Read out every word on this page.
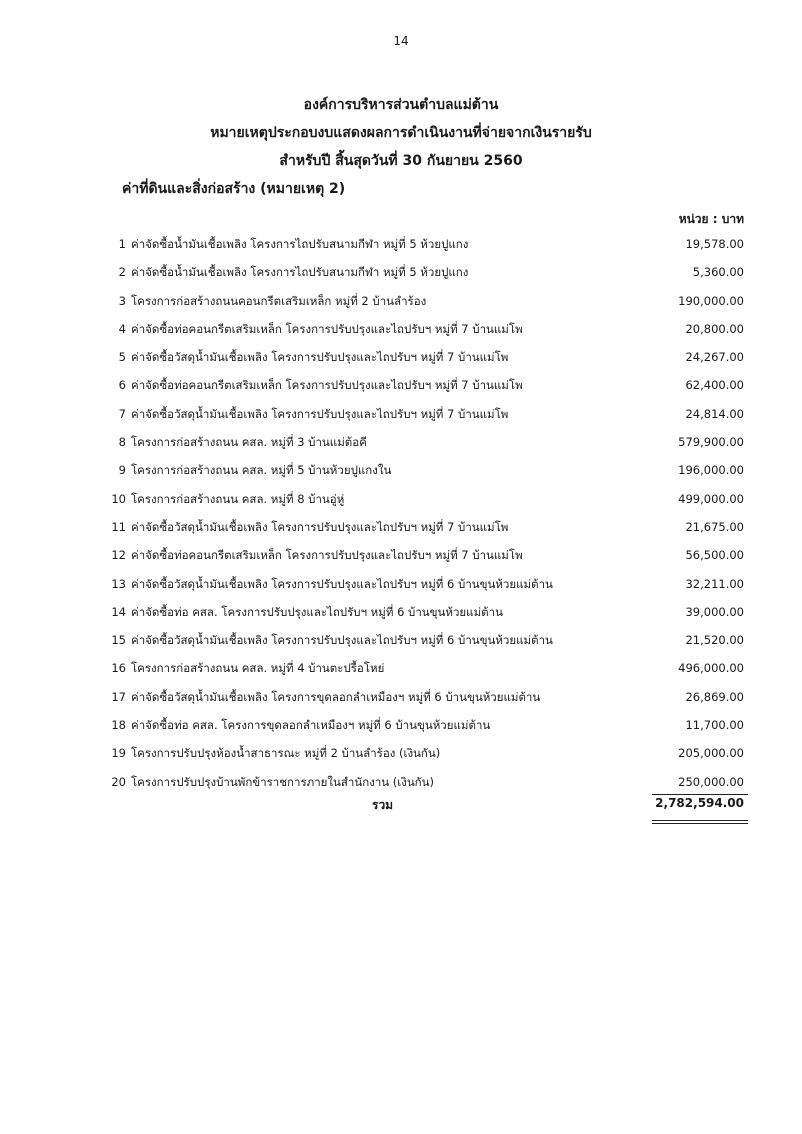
14
องค์การบริหารส่วนตำบลแม่ต้าน
หมายเหตุประกอบงบแสดงผลการดำเนินงานที่จ่ายจากเงินรายรับ
สำหรับปี สิ้นสุดวันที่ 30 กันยายน 2560
ค่าที่ดินและสิ่งก่อสร้าง (หมายเหตุ 2)
หน่วย : บาท
1 ค่าจัดซื้อน้ำมันเชื้อเพลิง โครงการไถปรับสนามกีฬา หมู่ที่ 5 ห้วยปูแกง	19,578.00
2 ค่าจัดซื้อน้ำมันเชื้อเพลิง โครงการไถปรับสนามกีฬา หมู่ที่ 5 ห้วยปูแกง	5,360.00
3 โครงการก่อสร้างถนนคอนกรีตเสริมเหล็ก หมู่ที่ 2 บ้านลำร้อง	190,000.00
4 ค่าจัดซื้อท่อคอนกรีตเสริมเหล็ก โครงการปรับปรุงและไถปรับฯ หมู่ที่ 7 บ้านแม่โพ	20,800.00
5 ค่าจัดซื้อวัสดุน้ำมันเชื้อเพลิง โครงการปรับปรุงและไถปรับฯ หมู่ที่ 7 บ้านแม่โพ	24,267.00
6 ค่าจัดซื้อท่อคอนกรีตเสริมเหล็ก โครงการปรับปรุงและไถปรับฯ หมู่ที่ 7 บ้านแม่โพ	62,400.00
7 ค่าจัดซื้อวัสดุน้ำมันเชื้อเพลิง โครงการปรับปรุงและไถปรับฯ หมู่ที่ 7 บ้านแม่โพ	24,814.00
8 โครงการก่อสร้างถนน คสล. หมู่ที่ 3 บ้านแม่ต้อคี	579,900.00
9 โครงการก่อสร้างถนน คสล. หมู่ที่ 5 บ้านห้วยปูแกงใน	196,000.00
10 โครงการก่อสร้างถนน คสล. หมู่ที่ 8 บ้านอู่หู่	499,000.00
11 ค่าจัดซื้อวัสดุน้ำมันเชื้อเพลิง โครงการปรับปรุงและไถปรับฯ หมู่ที่ 7 บ้านแม่โพ	21,675.00
12 ค่าจัดซื้อท่อคอนกรีตเสริมเหล็ก โครงการปรับปรุงและไถปรับฯ หมู่ที่ 7 บ้านแม่โพ	56,500.00
13 ค่าจัดซื้อวัสดุน้ำมันเชื้อเพลิง โครงการปรับปรุงและไถปรับฯ หมู่ที่ 6 บ้านขุนห้วยแม่ต้าน	32,211.00
14 ค่าจัดซื้อท่อ คสล. โครงการปรับปรุงและไถปรับฯ หมู่ที่ 6 บ้านขุนห้วยแม่ต้าน	39,000.00
15 ค่าจัดซื้อวัสดุน้ำมันเชื้อเพลิง โครงการปรับปรุงและไถปรับฯ หมู่ที่ 6 บ้านขุนห้วยแม่ต้าน	21,520.00
16 โครงการก่อสร้างถนน คสล. หมู่ที่ 4 บ้านตะปรื้อโหย่	496,000.00
17 ค่าจัดซื้อวัสดุน้ำมันเชื้อเพลิง โครงการขุดลอกลำเหมืองฯ หมู่ที่ 6 บ้านขุนห้วยแม่ต้าน	26,869.00
18 ค่าจัดซื้อท่อ คสล. โครงการขุดลอกลำเหมืองฯ หมู่ที่ 6 บ้านขุนห้วยแม่ต้าน	11,700.00
19 โครงการปรับปรุงห้องน้ำสาธารณะ หมู่ที่ 2 บ้านลำร้อง (เงินกัน)	205,000.00
20 โครงการปรับปรุงบ้านพักข้าราชการภายในสำนักงาน (เงินกัน)	250,000.00
รวม	2,782,594.00
